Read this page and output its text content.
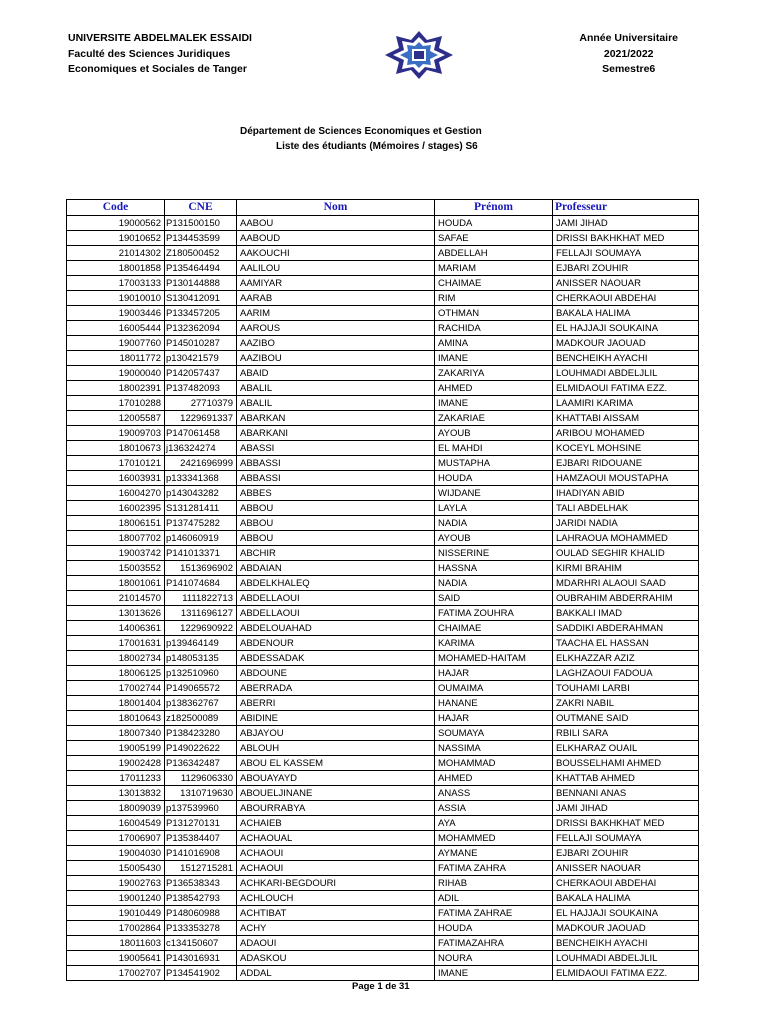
UNIVERSITE ABDELMALEK ESSAIDI
Faculté des Sciences Juridiques
Economiques et Sociales de Tanger
Année Universitaire
2021/2022
Semestre6
Département de Sciences Economiques et Gestion
Liste des étudiants (Mémoires / stages) S6
Code	CNE	Nom	Prénom	Professeur
19000562	P131500150	AABOU	HOUDA	JAMI JIHAD
19010652	P134453599	AABOUD	SAFAE	DRISSI BAKHKHAT MED
21014302	Z180500452	AAKOUCHI	ABDELLAH	FELLAJI SOUMAYA
18001858	P135464494	AALILOU	MARIAM	EJBARI ZOUHIR
17003133	P130144888	AAMIYAR	CHAIMAE	ANISSER NAOUAR
19010010	S130412091	AARAB	RIM	CHERKAOUI ABDEHAI
19003446	P133457205	AARIM	OTHMAN	BAKALA HALIMA
16005444	P132362094	AAROUS	RACHIDA	EL HAJJAJI SOUKAINA
19007760	P145010287	AAZIBO	AMINA	MADKOUR JAOUAD
18011772	p130421579	AAZIBOU	IMANE	BENCHEIKH AYACHI
19000040	P142057437	ABAID	ZAKARIYA	LOUHMADI ABDELJLIL
18002391	P137482093	ABALIL	AHMED	ELMIDAOUI FATIMA EZZ.
17010288	27710379	ABALIL	IMANE	LAAMIRI KARIMA
12005587	1229691337	ABARKAN	ZAKARIAE	KHATTABI AISSAM
19009703	P147061458	ABARKANI	AYOUB	ARIBOU MOHAMED
18010673	j136324274	ABASSI	EL MAHDI	KOCEYL MOHSINE
17010121	2421696999	ABBASSI	MUSTAPHA	EJBARI RIDOUANE
16003931	p133341368	ABBASSI	HOUDA	HAMZAOUI MOUSTAPHA
16004270	p143043282	ABBES	WIJDANE	IHADIYAN ABID
16002395	S131281411	ABBOU	LAYLA	TALI ABDELHAK
18006151	P137475282	ABBOU	NADIA	JARIDI NADIA
18007702	p146060919	ABBOU	AYOUB	LAHRAOUA MOHAMMED
19003742	P141013371	ABCHIR	NISSERINE	OULAD SEGHIR KHALID
15003552	1513696902	ABDAIAN	HASSNA	KIRMI BRAHIM
18001061	P141074684	ABDELKHALEQ	NADIA	MDARHRI ALAOUI SAAD
21014570	1111822713	ABDELLAOUI	SAID	OUBRAHIM ABDERRAHIM
13013626	1311696127	ABDELLAOUI	FATIMA ZOUHRA	BAKKALI IMAD
14006361	1229690922	ABDELOUAHAD	CHAIMAE	SADDIKI ABDERAHMAN
17001631	p139464149	ABDENOUR	KARIMA	TAACHA EL HASSAN
18002734	p148053135	ABDESSADAK	MOHAMED-HAITAM	ELKHAZZAR AZIZ
18006125	p132510960	ABDOUNE	HAJAR	LAGHZAOUI FADOUA
17002744	P149065572	ABERRADA	OUMAIMA	TOUHAMI LARBI
18001404	p138362767	ABERRI	HANANE	ZAKRI NABIL
18010643	z182500089	ABIDINE	HAJAR	OUTMANE SAID
18007340	P138423280	ABJAYOU	SOUMAYA	RBILI SARA
19005199	P149022622	ABLOUH	NASSIMA	ELKHARAZ OUAIL
19002428	P136342487	ABOU EL KASSEM	MOHAMMAD	BOUSSELHAMI AHMED
17011233	1129606330	ABOUAYAYD	AHMED	KHATTAB AHMED
13013832	1310719630	ABOUELJINANE	ANASS	BENNANI ANAS
18009039	p137539960	ABOURRABYA	ASSIA	JAMI JIHAD
16004549	P131270131	ACHAIEB	AYA	DRISSI BAKHKHAT MED
17006907	P135384407	ACHAOUAL	MOHAMMED	FELLAJI SOUMAYA
19004030	P141016908	ACHAOUI	AYMANE	EJBARI ZOUHIR
15005430	1512715281	ACHAOUI	FATIMA ZAHRA	ANISSER NAOUAR
19002763	P136538343	ACHKARI-BEGDOURI	RIHAB	CHERKAOUI ABDEHAI
19001240	P138542793	ACHLOUCH	ADIL	BAKALA HALIMA
19010449	P148060988	ACHTIBAT	FATIMA ZAHRAE	EL HAJJAJI SOUKAINA
17002864	P133353278	ACHY	HOUDA	MADKOUR JAOUAD
18011603	c134150607	ADAOUI	FATIMAZAHRA	BENCHEIKH AYACHI
19005641	P143016931	ADASKOU	NOURA	LOUHMADI ABDELJLIL
17002707	P134541902	ADDAL	IMANE	ELMIDAOUI FATIMA EZZ.
Page 1 de 31
